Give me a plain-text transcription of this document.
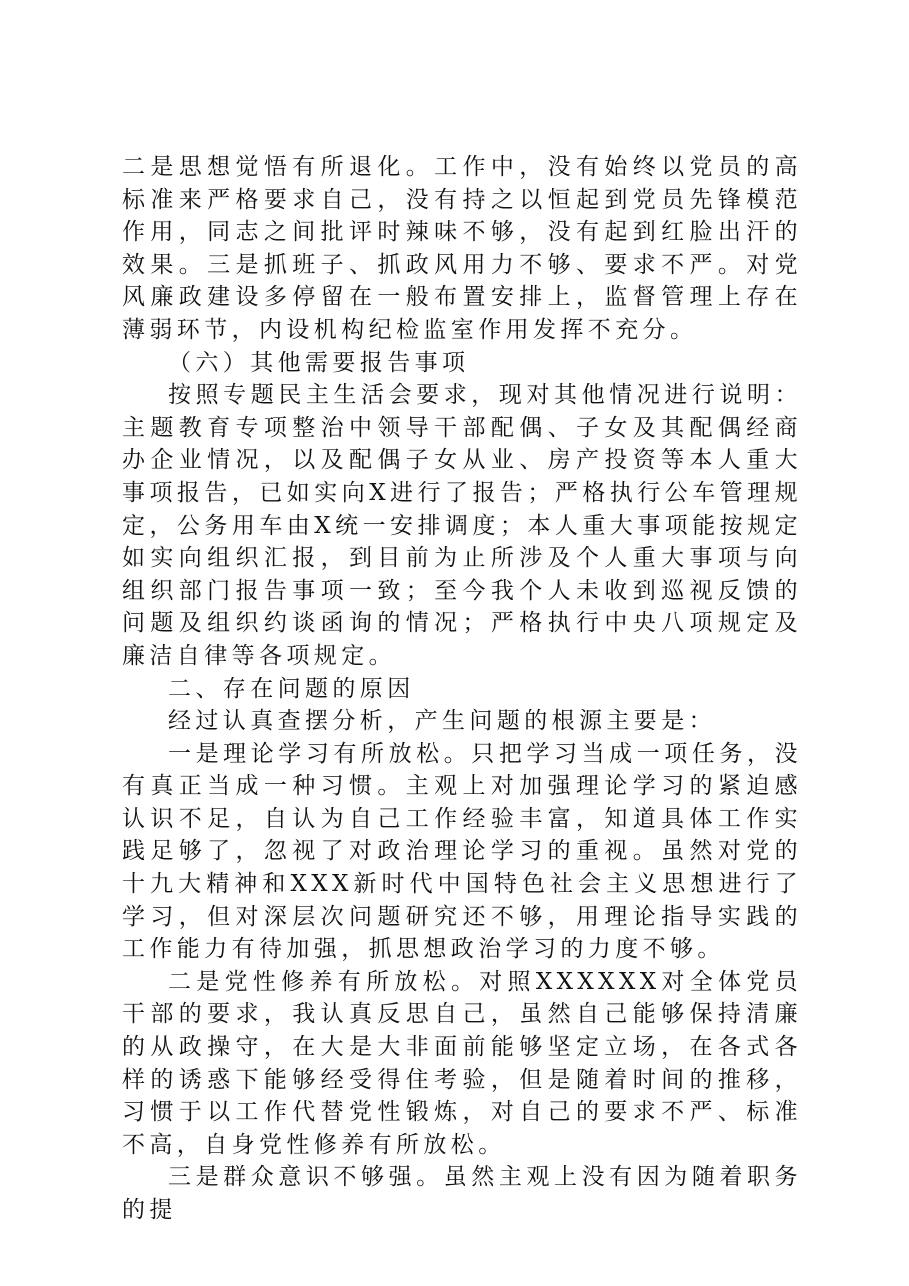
二是思想觉悟有所退化。工作中，没有始终以党员的高标准来严格要求自己，没有持之以恒起到党员先锋模范作用，同志之间批评时辣味不够，没有起到红脸出汗的效果。三是抓班子、抓政风用力不够、要求不严。对党风廉政建设多停留在一般布置安排上，监督管理上存在薄弱环节，内设机构纪检监室作用发挥不充分。

（六）其他需要报告事项

按照专题民主生活会要求，现对其他情况进行说明：主题教育专项整治中领导干部配偶、子女及其配偶经商办企业情况，以及配偶子女从业、房产投资等本人重大事项报告，已如实向X进行了报告；严格执行公车管理规定，公务用车由X统一安排调度；本人重大事项能按规定如实向组织汇报，到目前为止所涉及个人重大事项与向组织部门报告事项一致；至今我个人未收到巡视反馈的问题及组织约谈函询的情况；严格执行中央八项规定及廉洁自律等各项规定。

二、存在问题的原因

经过认真查摆分析，产生问题的根源主要是：

一是理论学习有所放松。只把学习当成一项任务，没有真正当成一种习惯。主观上对加强理论学习的紧迫感认识不足，自认为自己工作经验丰富，知道具体工作实践足够了，忽视了对政治理论学习的重视。虽然对党的十九大精神和XXX新时代中国特色社会主义思想进行了学习，但对深层次问题研究还不够，用理论指导实践的工作能力有待加强，抓思想政治学习的力度不够。

二是党性修养有所放松。对照XXXXXX对全体党员干部的要求，我认真反思自己，虽然自己能够保持清廉的从政操守，在大是大非面前能够坚定立场，在各式各样的诱惑下能够经受得住考验，但是随着时间的推移，习惯于以工作代替党性锻炼，对自己的要求不严、标准不高，自身党性修养有所放松。

三是群众意识不够强。虽然主观上没有因为随着职务的提
